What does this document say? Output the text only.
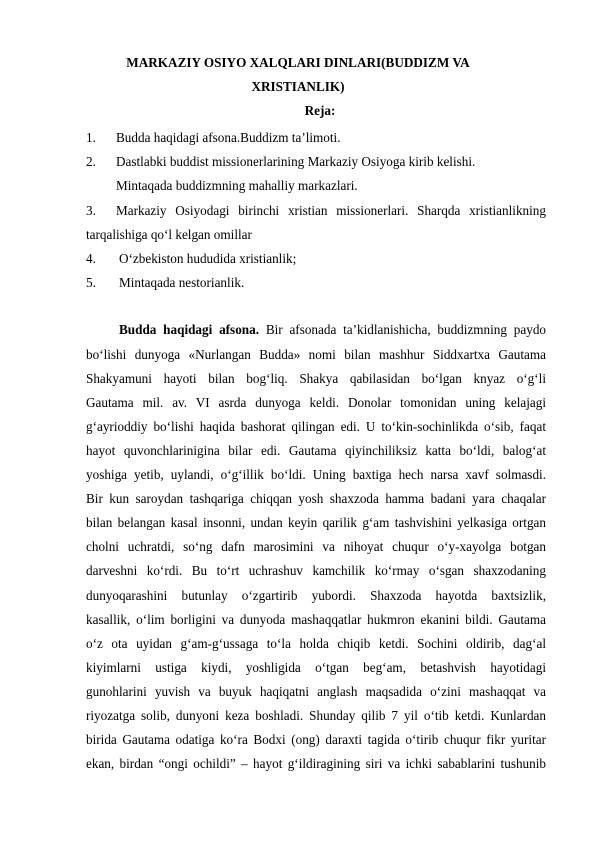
MARKAZIY OSIYO XALQLARI DINLARI(BUDDIZM VA
XRISTIANLIK)
Reja:
1. Budda haqidagi afsona.Buddizm ta’limoti.
2. Dastlabki buddist missionerlarining Markaziy Osiyoga kirib kelishi.
Mintaqada buddizmning mahalliy markazlari.
3. Markaziy Osiyodagi birinchi xristian missionerlari. Sharqda xristianlikning
tarqalishiga qo‘l kelgan omillar
4. O‘zbekiston hududida xristianlik;
5. Mintaqada nestorianlik.
Budda haqidagi afsona. Bir afsonada ta’kidlanishicha, buddizmning paydo
bo‘lishi dunyoga «Nurlangan Budda» nomi bilan mashhur Siddxartxa Gautama
Shakyamuni hayoti bilan bog‘liq. Shakya qabilasidan bo‘lgan knyaz o‘g‘li
Gautama mil. av. VI asrda dunyoga keldi. Donolar tomonidan uning kelajagi
g‘ayrioddiy bo‘lishi haqida bashorat qilingan edi. U to‘kin-sochinlikda o‘sib, faqat
hayot quvonchlarinigina bilar edi. Gautama qiyinchiliksiz katta bo‘ldi, balog‘at
yoshiga yetib, uylandi, o‘g‘illik bo‘ldi. Uning baxtiga hech narsa xavf solmasdi.
Bir kun saroydan tashqariga chiqqan yosh shaxzoda hamma badani yara chaqalar
bilan belangan kasal insonni, undan keyin qarilik g‘am tashvishini yelkasiga ortgan
cholni uchratdi, so‘ng dafn marosimini va nihoyat chuqur o‘y-xayolga botgan
darveshni ko‘rdi. Bu to‘rt uchrashuv kamchilik ko‘rmay o‘sgan shaxzodaning
dunyoqarashini butunlay o‘zgartirib yubordi. Shaxzoda hayotda baxtsizlik,
kasallik, o‘lim borligini va dunyoda mashaqqatlar hukmron ekanini bildi. Gautama
o‘z ota uyidan g‘am-g‘ussaga to‘la holda chiqib ketdi. Sochini oldirib, dag‘al
kiyimlarni ustiga kiydi, yoshligida o‘tgan beg‘am, betashvish hayotidagi
gunohlarini yuvish va buyuk haqiqatni anglash maqsadida o‘zini mashaqqat va
riyozatga solib, dunyoni keza boshladi. Shunday qilib 7 yil o‘tib ketdi. Kunlardan
birida Gautama odatiga ko‘ra Bodxi (ong) daraxti tagida o‘tirib chuqur fikr yuritar
ekan, birdan “ongi ochildi” – hayot g‘ildiragining siri va ichki sabablarini tushunib
